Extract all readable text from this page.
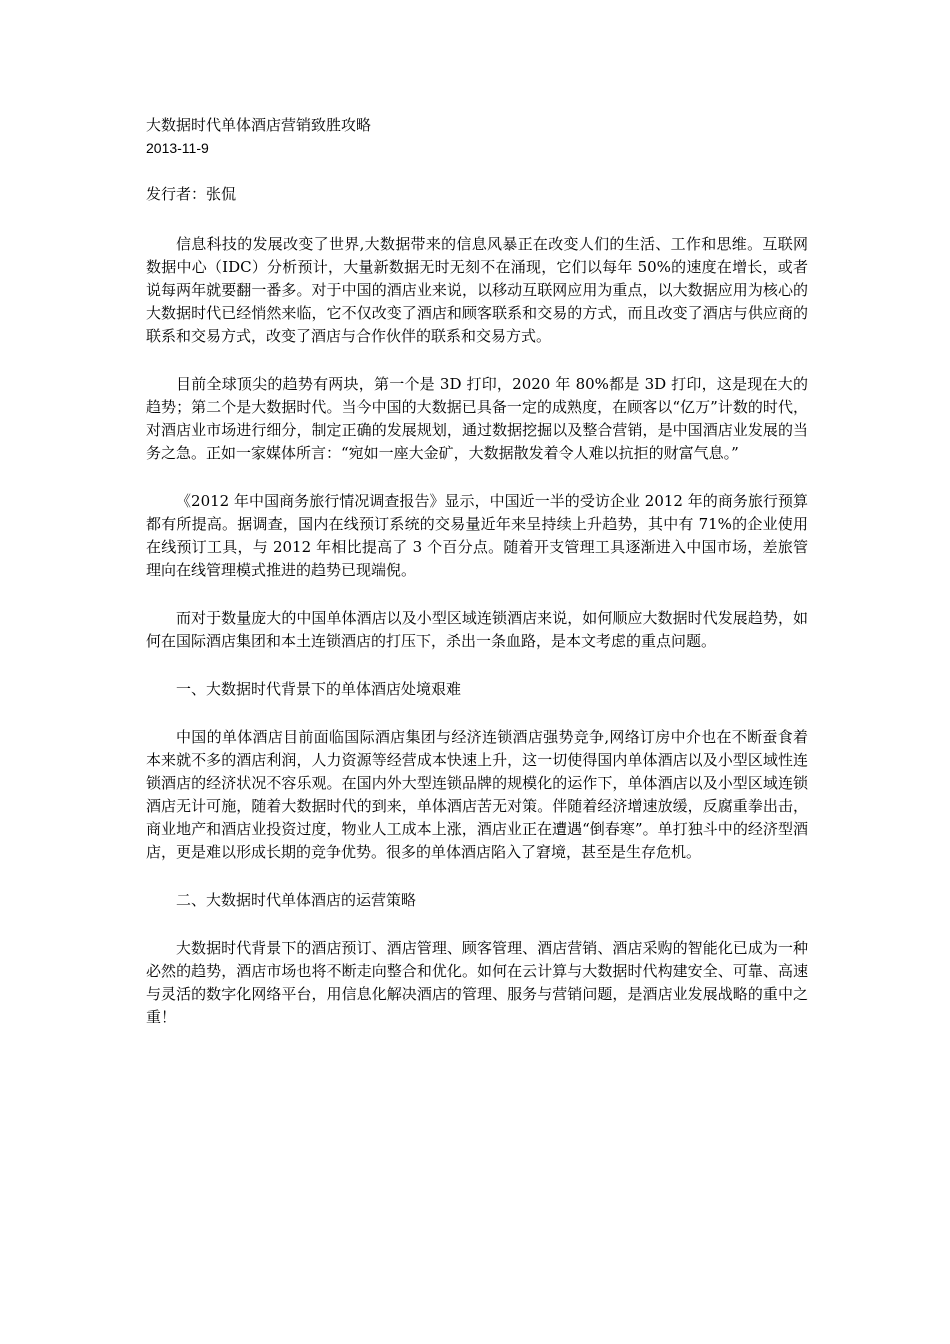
大数据时代单体酒店营销致胜攻略

2013-11-9

发行者：张侃

信息科技的发展改变了世界,大数据带来的信息风暴正在改变人们的生活、工作和思维。互联网数据中心（IDC）分析预计，大量新数据无时无刻不在涌现，它们以每年 50%的速度在增长，或者说每两年就要翻一番多。对于中国的酒店业来说，以移动互联网应用为重点，以大数据应用为核心的大数据时代已经悄然来临，它不仅改变了酒店和顾客联系和交易的方式，而且改变了酒店与供应商的联系和交易方式，改变了酒店与合作伙伴的联系和交易方式。

目前全球顶尖的趋势有两块，第一个是 3D 打印，2020 年 80%都是 3D 打印，这是现在大的趋势；第二个是大数据时代。当今中国的大数据已具备一定的成熟度，在顾客以“亿万”计数的时代，对酒店业市场进行细分，制定正确的发展规划，通过数据挖掘以及整合营销，是中国酒店业发展的当务之急。正如一家媒体所言：“宛如一座大金矿，大数据散发着令人难以抗拒的财富气息。”

《2012 年中国商务旅行情况调查报告》显示，中国近一半的受访企业 2012 年的商务旅行预算都有所提高。据调查，国内在线预订系统的交易量近年来呈持续上升趋势，其中有 71%的企业使用在线预订工具，与 2012 年相比提高了 3 个百分点。随着开支管理工具逐渐进入中国市场，差旅管理向在线管理模式推进的趋势已现端倪。

而对于数量庞大的中国单体酒店以及小型区域连锁酒店来说，如何顺应大数据时代发展趋势，如何在国际酒店集团和本土连锁酒店的打压下，杀出一条血路，是本文考虑的重点问题。

一、大数据时代背景下的单体酒店处境艰难

中国的单体酒店目前面临国际酒店集团与经济连锁酒店强势竞争,网络订房中介也在不断蚕食着本来就不多的酒店利润，人力资源等经营成本快速上升，这一切使得国内单体酒店以及小型区域性连锁酒店的经济状况不容乐观。在国内外大型连锁品牌的规模化的运作下，单体酒店以及小型区域连锁酒店无计可施，随着大数据时代的到来，单体酒店苦无对策。伴随着经济增速放缓，反腐重拳出击，商业地产和酒店业投资过度，物业人工成本上涨，酒店业正在遭遇“倒春寒”。单打独斗中的经济型酒店，更是难以形成长期的竞争优势。很多的单体酒店陷入了窘境，甚至是生存危机。

二、大数据时代单体酒店的运营策略

大数据时代背景下的酒店预订、酒店管理、顾客管理、酒店营销、酒店采购的智能化已成为一种必然的趋势，酒店市场也将不断走向整合和优化。如何在云计算与大数据时代构建安全、可靠、高速与灵活的数字化网络平台，用信息化解决酒店的管理、服务与营销问题，是酒店业发展战略的重中之重！
